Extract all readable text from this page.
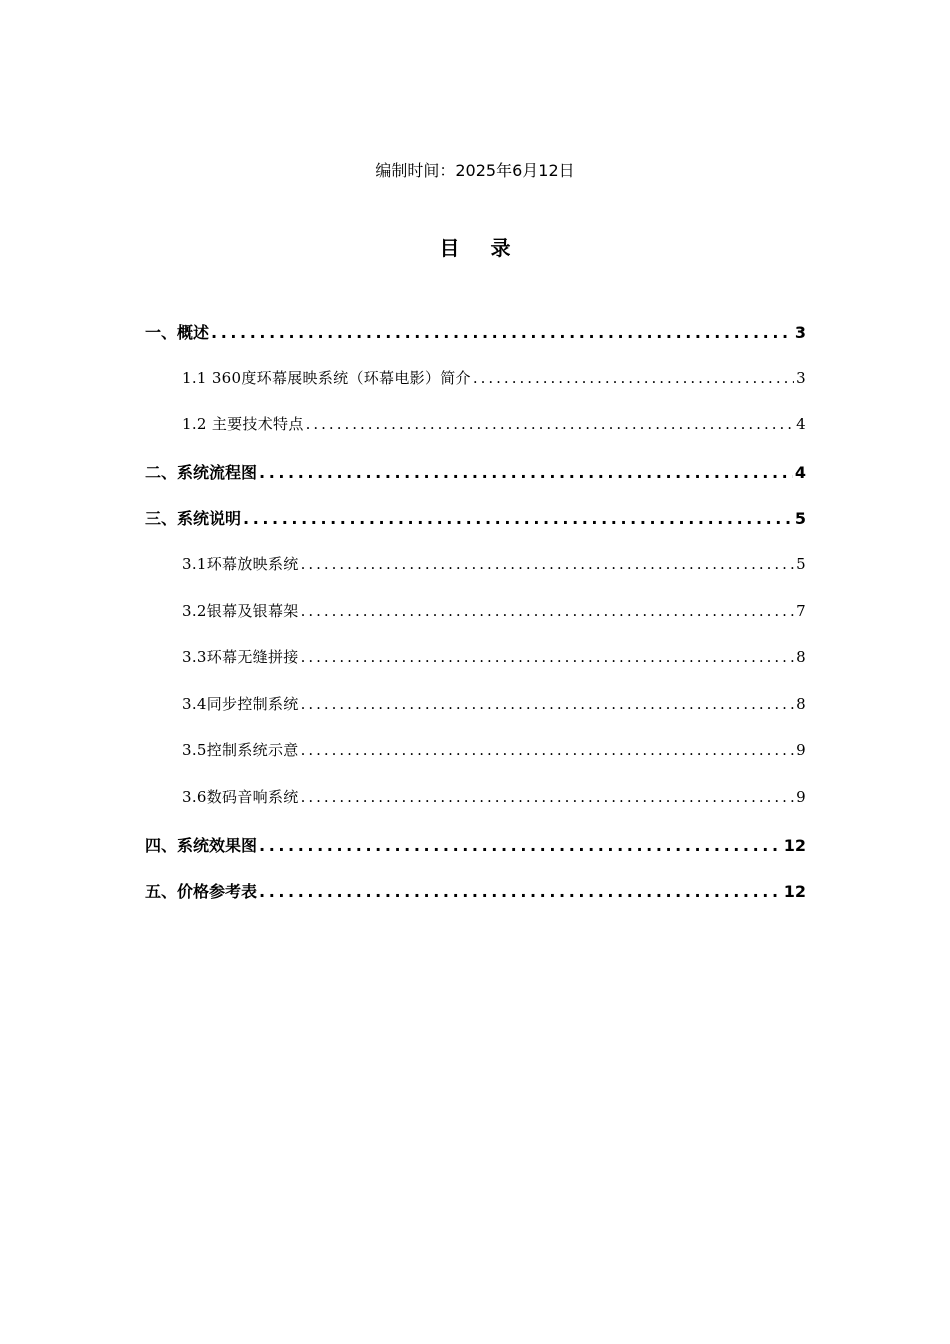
编制时间：2025年6月12日
目 录
一、概述 .....	3
1.1 360度环幕展映系统（环幕电影）简介 .....	3
1.2 主要技术特点 .....	4
二、系统流程图 .....	4
三、系统说明 .....	5
3.1环幕放映系统 .....	5
3.2银幕及银幕架 .....	7
3.3环幕无缝拼接 .....	8
3.4同步控制系统 .....	8
3.5控制系统示意 .....	9
3.6数码音响系统 .....	9
四、系统效果图 .....	12
五、价格参考表 .....	12
